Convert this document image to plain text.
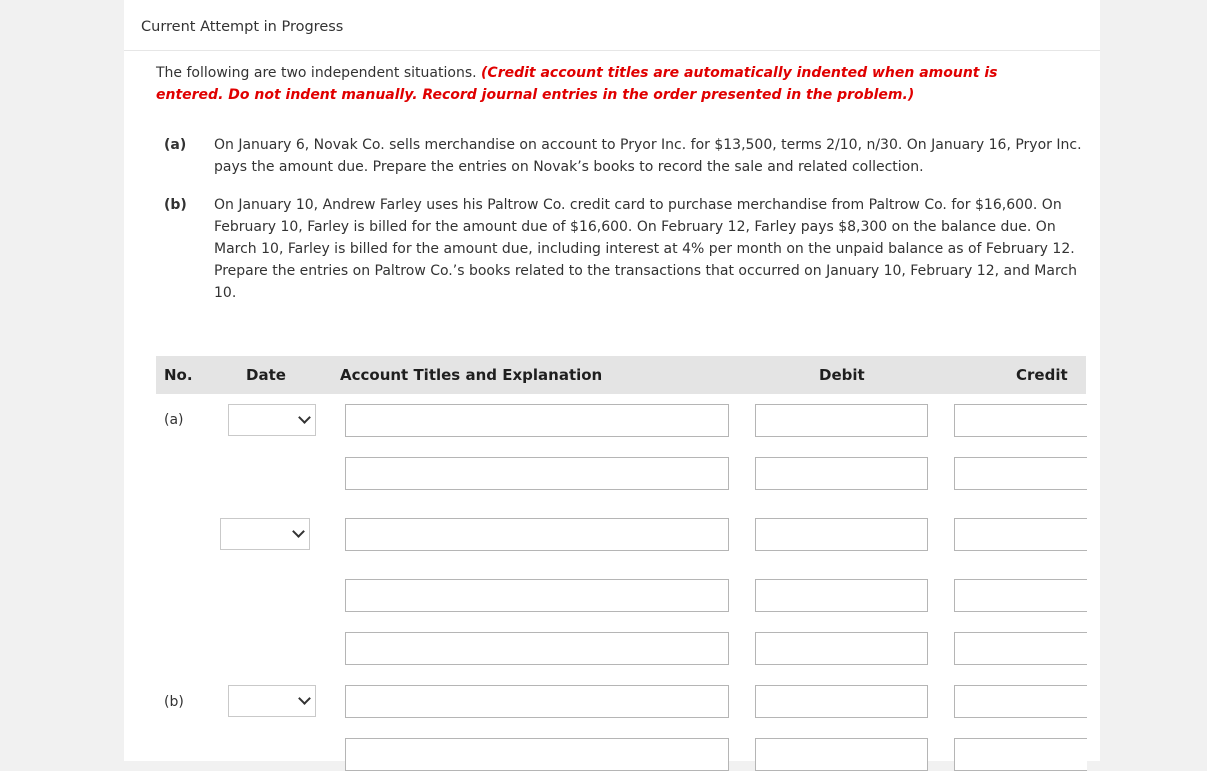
Current Attempt in Progress
The following are two independent situations. (Credit account titles are automatically indented when amount is entered. Do not indent manually. Record journal entries in the order presented in the problem.)
(a) On January 6, Novak Co. sells merchandise on account to Pryor Inc. for $13,500, terms 2/10, n/30. On January 16, Pryor Inc. pays the amount due. Prepare the entries on Novak’s books to record the sale and related collection.
(b) On January 10, Andrew Farley uses his Paltrow Co. credit card to purchase merchandise from Paltrow Co. for $16,600. On February 10, Farley is billed for the amount due of $16,600. On February 12, Farley pays $8,300 on the balance due. On March 10, Farley is billed for the amount due, including interest at 4% per month on the unpaid balance as of February 12. Prepare the entries on Paltrow Co.’s books related to the transactions that occurred on January 10, February 12, and March 10.
No.	Date	Account Titles and Explanation	Debit	Credit
(a)
(b)
